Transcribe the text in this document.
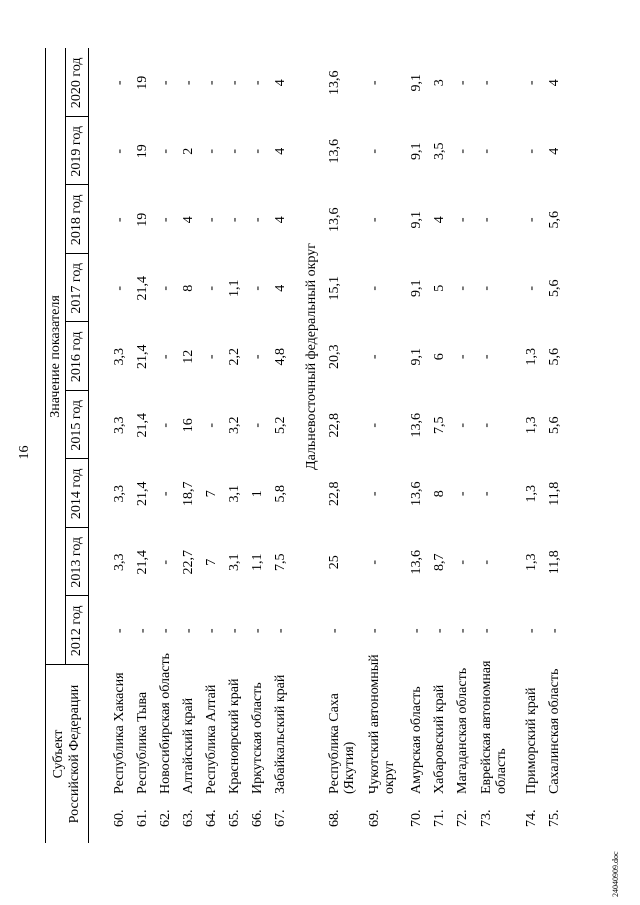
16
Субъект Российской Федерации
Значение показателя
2012 год
2013 год
2014 год
2015 год
2016 год
2017 год
2018 год
2019 год
2020 год
60.
Республика Хакасия
-
3,3
3,3
3,3
3,3
-
-
-
-
61.
Республика Тыва
-
21,4
21,4
21,4
21,4
21,4
19
19
19
62.
Новосибирская область
-
-
-
-
-
-
-
-
-
63.
Алтайский край
-
22,7
18,7
16
12
8
4
2
-
64.
Республика Алтай
-
7
7
-
-
-
-
-
-
65.
Красноярский край
-
3,1
3,1
3,2
2,2
1,1
-
-
-
66.
Иркутская область
-
1,1
1
-
-
-
-
-
-
67.
Забайкальский край
-
7,5
5,8
5,2
4,8
4
4
4
4
68.
Республика Саха (Якутия)
-
25
22,8
22,8
20,3
15,1
13,6
13,6
13,6
69.
Чукотский автономный округ
-
-
-
-
-
-
-
-
-
70.
Амурская область
-
13,6
13,6
13,6
9,1
9,1
9,1
9,1
9,1
71.
Хабаровский край
-
8,7
8
7,5
6
5
4
3,5
3
72.
Магаданская область
-
-
-
-
-
-
-
-
-
73.
Еврейская автономная область
-
-
-
-
-
-
-
-
-
74.
Приморский край
-
1,3
1,3
1,3
1,3
-
-
-
-
75.
Сахалинская область
-
11,8
11,8
5,6
5,6
5,6
5,6
4
4
Дальневосточный федеральный округ
24040909.doc
